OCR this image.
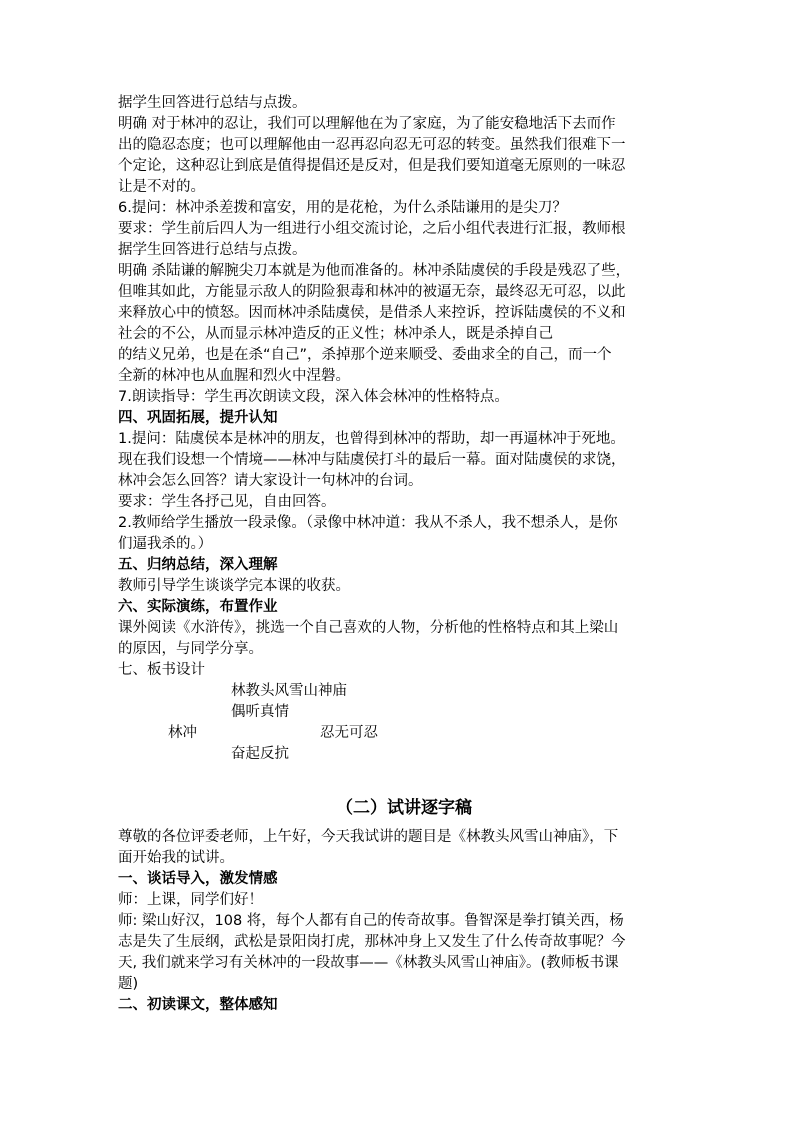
据学生回答进行总结与点拨。

明确 对于林冲的忍让，我们可以理解他在为了家庭，为了能安稳地活下去而作

出的隐忍态度；也可以理解他由一忍再忍向忍无可忍的转变。虽然我们很难下一

个定论，这种忍让到底是值得提倡还是反对，但是我们要知道毫无原则的一味忍

让是不对的。

6.提问：林冲杀差拨和富安，用的是花枪，为什么杀陆谦用的是尖刀？

要求：学生前后四人为一组进行小组交流讨论，之后小组代表进行汇报，教师根

据学生回答进行总结与点拨。

明确 杀陆谦的解腕尖刀本就是为他而准备的。林冲杀陆虞侯的手段是残忍了些，

但唯其如此，方能显示敌人的阴险狠毒和林冲的被逼无奈，最终忍无可忍，以此

来释放心中的愤怒。因而林冲杀陆虞侯，是借杀人来控诉，控诉陆虞侯的不义和

社会的不公，从而显示林冲造反的正义性；林冲杀人，既是杀掉自己

的结义兄弟，也是在杀“自己”，杀掉那个逆来顺受、委曲求全的自己，而一个

全新的林冲也从血腥和烈火中涅磐。

7.朗读指导：学生再次朗读文段，深入体会林冲的性格特点。

四、巩固拓展，提升认知

1.提问：陆虞侯本是林冲的朋友，也曾得到林冲的帮助，却一再逼林冲于死地。

现在我们设想一个情境——林冲与陆虞侯打斗的最后一幕。面对陆虞侯的求饶，

林冲会怎么回答？请大家设计一句林冲的台词。

要求：学生各抒己见，自由回答。

2.教师给学生播放一段录像。（录像中林冲道：我从不杀人，我不想杀人，是你

们逼我杀的。）

五、归纳总结，深入理解

教师引导学生谈谈学完本课的收获。

六、实际演练，布置作业

课外阅读《水浒传》，挑选一个自己喜欢的人物，分析他的性格特点和其上梁山

的原因，与同学分享。

七、板书设计

林教头风雪山神庙

偶听真情

林冲	忍无可忍

奋起反抗

（二）试讲逐字稿

尊敬的各位评委老师，上午好，今天我试讲的题目是《林教头风雪山神庙》，下

面开始我的试讲。

一、谈话导入，激发情感

师：上课，同学们好！

师: 梁山好汉，108 将，每个人都有自己的传奇故事。鲁智深是拳打镇关西，杨

志是失了生辰纲，武松是景阳岗打虎，那林冲身上又发生了什么传奇故事呢？今

天, 我们就来学习有关林冲的一段故事——《林教头风雪山神庙》。(教师板书课

题)

二、初读课文，整体感知
